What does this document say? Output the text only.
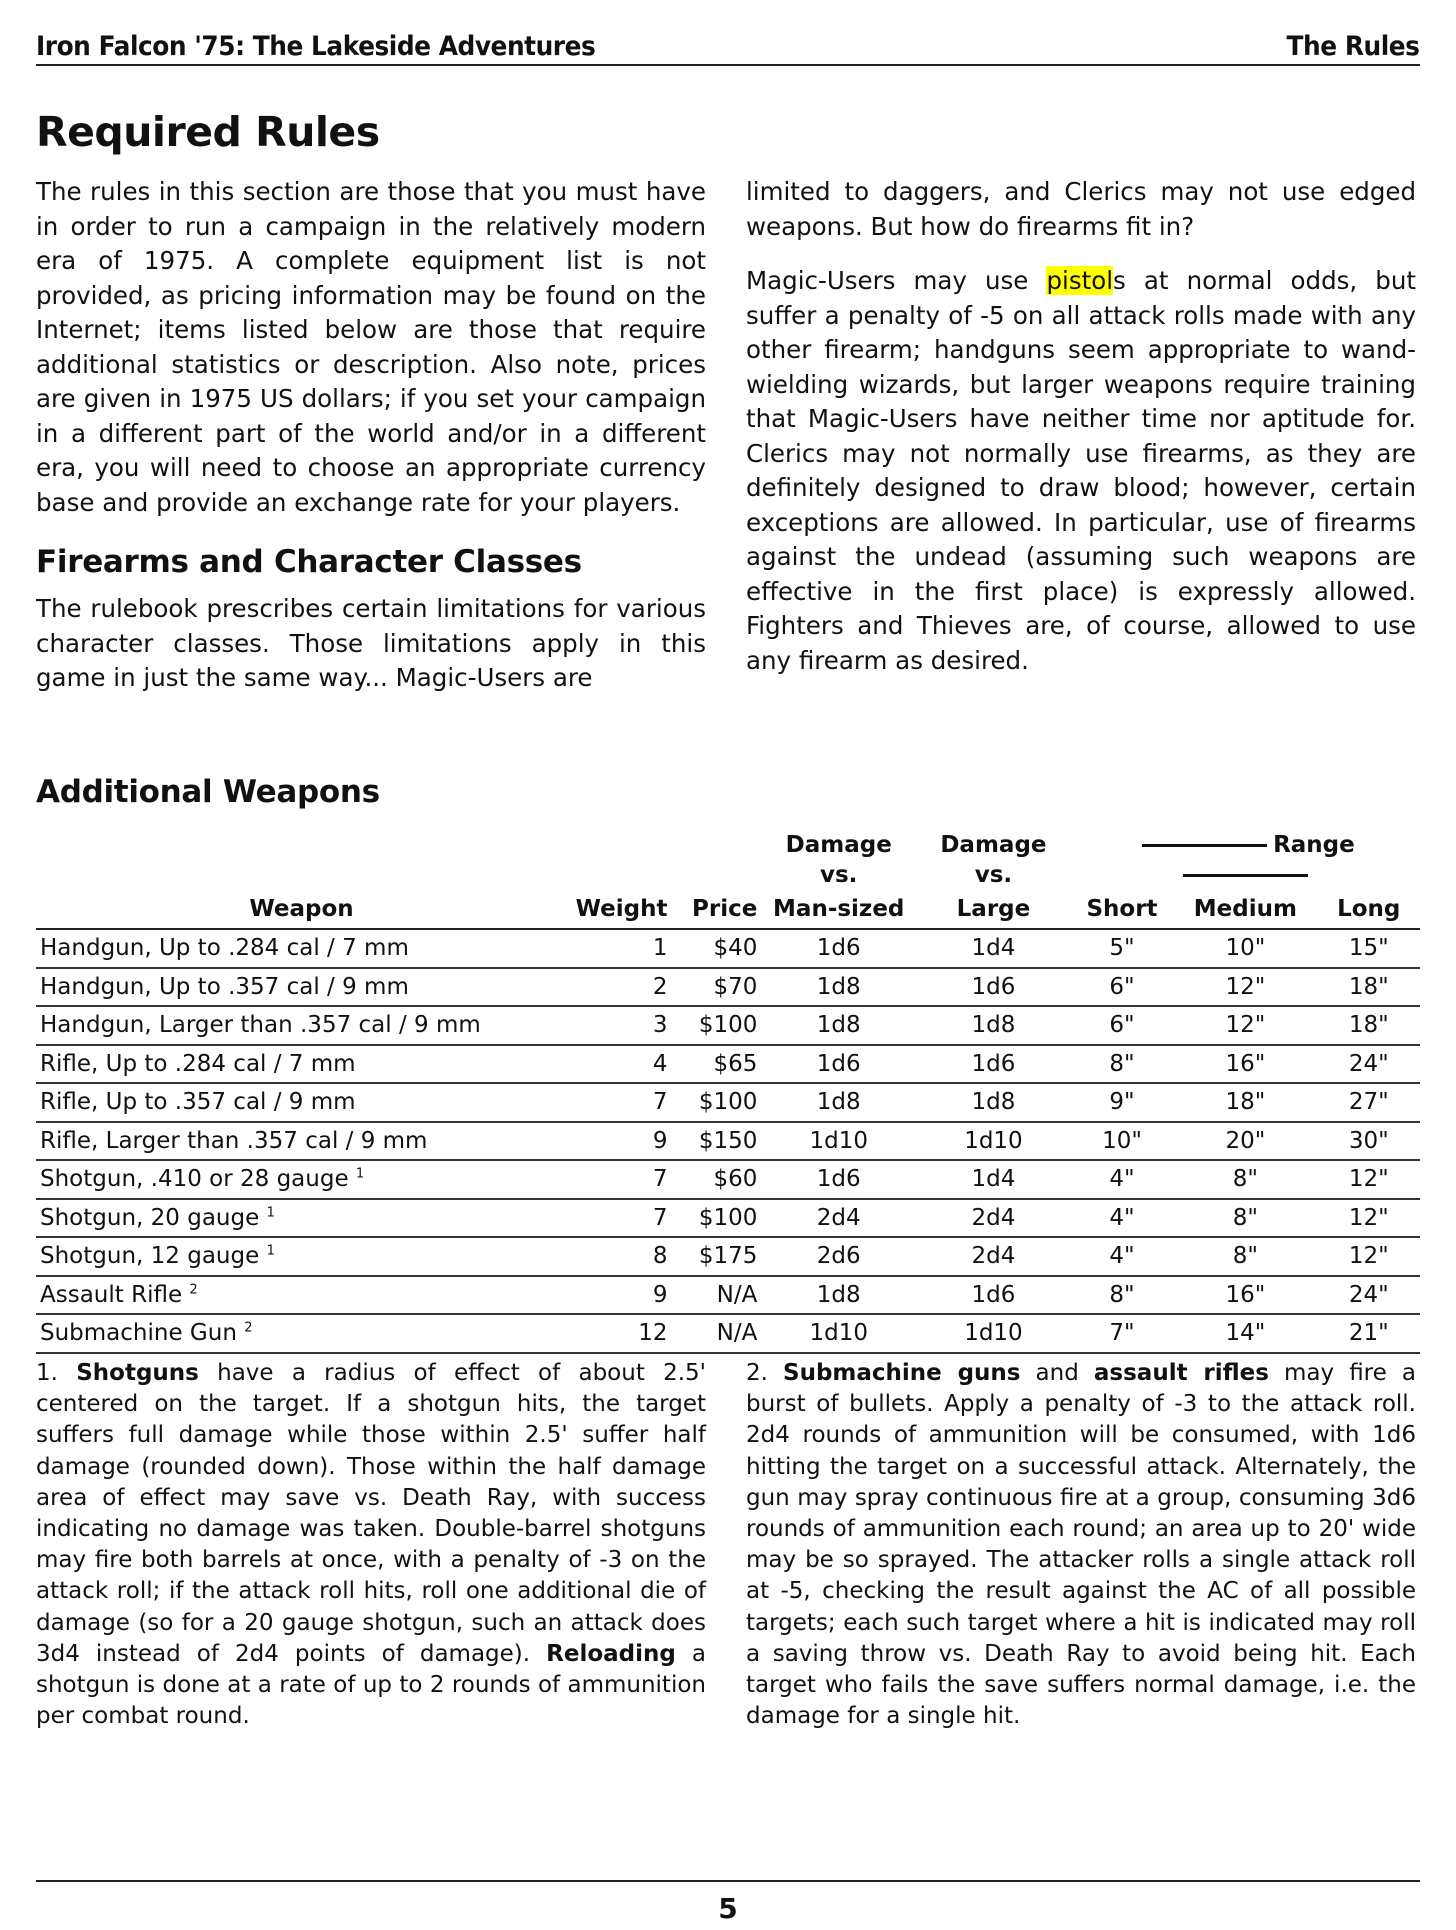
Iron Falcon '75: The Lakeside Adventures	The Rules
Required Rules

The rules in this section are those that you must have in order to run a campaign in the relatively modern era of 1975. A complete equipment list is not provided, as pricing information may be found on the Internet; items listed below are those that require additional statistics or description. Also note, prices are given in 1975 US dollars; if you set your campaign in a different part of the world and/or in a different era, you will need to choose an appropriate currency base and provide an exchange rate for your players.

Firearms and Character Classes

The rulebook prescribes certain limitations for various character classes. Those limitations apply in this game in just the same way... Magic-Users are

limited to daggers, and Clerics may not use edged weapons. But how do firearms fit in?

Magic-Users may use pistols at normal odds, but suffer a penalty of -5 on all attack rolls made with any other firearm; handguns seem appropriate to wand-wielding wizards, but larger weapons require training that Magic-Users have neither time nor aptitude for. Clerics may not normally use firearms, as they are definitely designed to draw blood; however, certain exceptions are allowed. In particular, use of firearms against the undead (assuming such weapons are effective in the first place) is expressly allowed. Fighters and Thieves are, of course, allowed to use any firearm as desired.

Additional Weapons
			Damage vs.	Damage vs.	Range		
Weapon	Weight	Price	Man-sized	Large	Short	Medium	Long
Handgun, Up to .284 cal / 7 mm	1	$40	1d6	1d4	5"	10"	15"
Handgun, Up to .357 cal / 9 mm	2	$70	1d8	1d6	6"	12"	18"
Handgun, Larger than .357 cal / 9 mm	3	$100	1d8	1d8	6"	12"	18"
Rifle, Up to .284 cal / 7 mm	4	$65	1d6	1d6	8"	16"	24"
Rifle, Up to .357 cal / 9 mm	7	$100	1d8	1d8	9"	18"	27"
Rifle, Larger than .357 cal / 9 mm	9	$150	1d10	1d10	10"	20"	30"
Shotgun, .410 or 28 gauge $^1$	7	$60	1d6	1d4	4"	8"	12"
Shotgun, 20 gauge $^1$	7	$100	2d4	2d4	4"	8"	12"
Shotgun, 12 gauge $^1$	8	$175	2d6	2d4	4"	8"	12"
Assault Rifle $^2$	9	N/A	1d8	1d6	8"	16"	24"
Submachine Gun $^2$	12	N/A	1d10	1d10	7"	14"	21"
1. Shotguns have a radius of effect of about 2.5' centered on the target. If a shotgun hits, the target suffers full damage while those within 2.5' suffer half damage (rounded down). Those within the half damage area of effect may save vs. Death Ray, with success indicating no damage was taken. Double-barrel shotguns may fire both barrels at once, with a penalty of -3 on the attack roll; if the attack roll hits, roll one additional die of damage (so for a 20 gauge shotgun, such an attack does 3d4 instead of 2d4 points of damage). Reloading a shotgun is done at a rate of up to 2 rounds of ammunition per combat round.
2. Submachine guns and assault rifles may fire a burst of bullets. Apply a penalty of -3 to the attack roll. 2d4 rounds of ammunition will be consumed, with 1d6 hitting the target on a successful attack. Alternately, the gun may spray continuous fire at a group, consuming 3d6 rounds of ammunition each round; an area up to 20' wide may be so sprayed. The attacker rolls a single attack roll at -5, checking the result against the AC of all possible targets; each such target where a hit is indicated may roll a saving throw vs. Death Ray to avoid being hit. Each target who fails the save suffers normal damage, i.e. the damage for a single hit.
5
